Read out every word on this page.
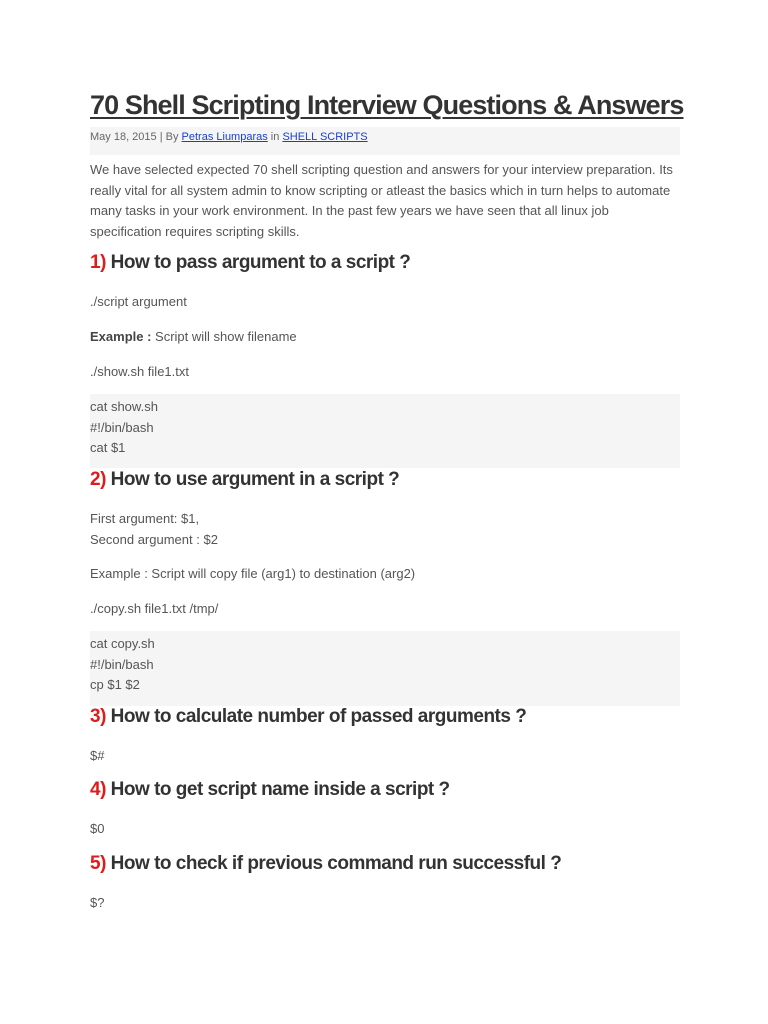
70 Shell Scripting Interview Questions & Answers
May 18, 2015 | By Petras Liumparas in SHELL SCRIPTS

We have selected expected 70 shell scripting question and answers for your interview preparation. Its really vital for all system admin to know scripting or atleast the basics which in turn helps to automate many tasks in your work environment. In the past few years we have seen that all linux job specification requires scripting skills.

1) How to pass argument to a script ?

./script argument

Example : Script will show filename

./show.sh file1.txt

cat show.sh
#!/bin/bash
cat $1
2) How to use argument in a script ?

First argument: $1,

Second argument : $2

Example : Script will copy file (arg1) to destination (arg2)

./copy.sh file1.txt /tmp/

cat copy.sh
#!/bin/bash
cp $1 $2
3) How to calculate number of passed arguments ?

$#

4) How to get script name inside a script ?

$0

5) How to check if previous command run successful ?

$?
